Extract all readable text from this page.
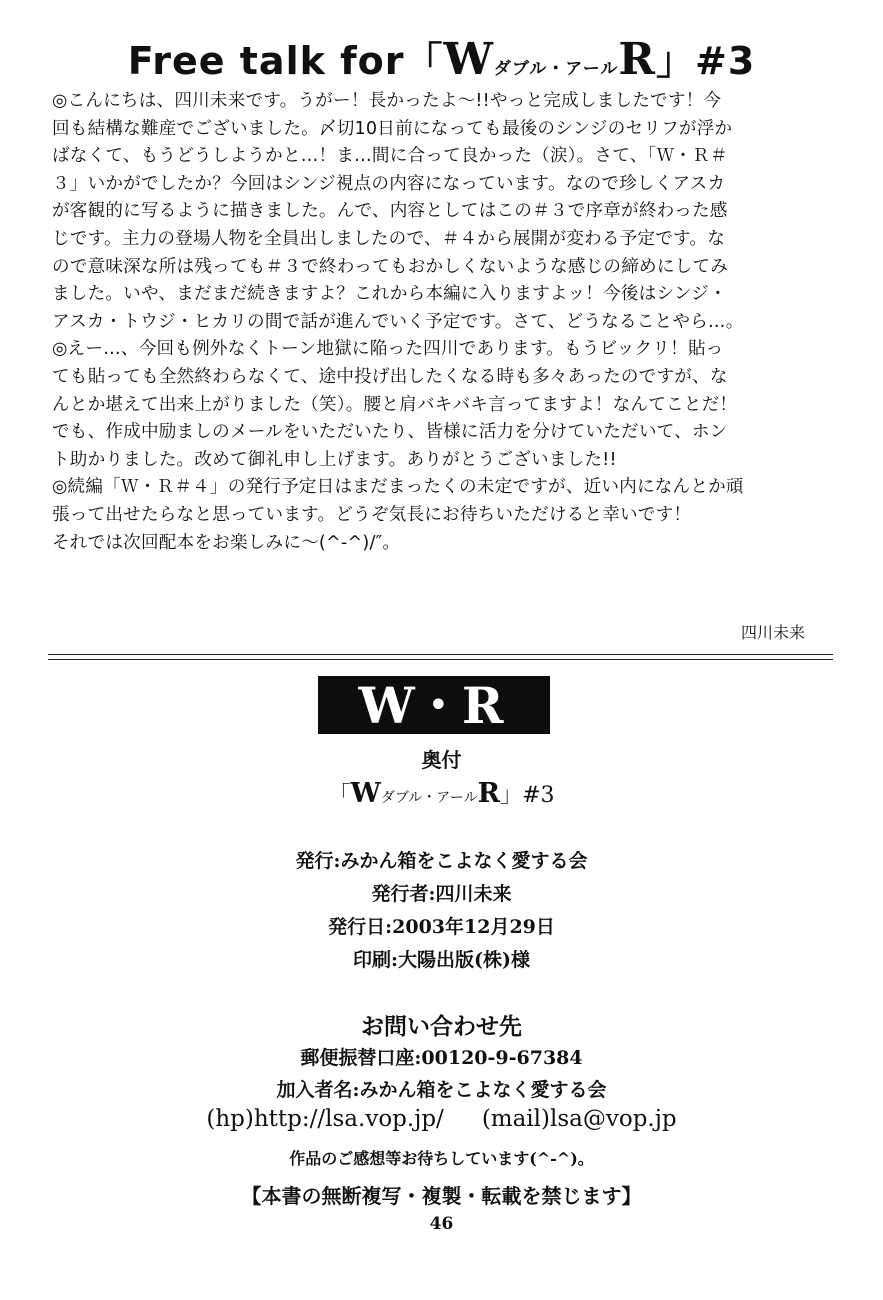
Free talk for「Wダブル・アールR」#3

◎こんにちは、四川未来です。うがー！長かったよ～!!やっと完成しましたです！今

回も結構な難産でございました。〆切10日前になっても最後のシンジのセリフが浮か

ばなくて、もうどうしようかと…！ま…間に合って良かった（涙）。さて、「Ｗ・Ｒ＃

３」いかがでしたか？今回はシンジ視点の内容になっています。なので珍しくアスカ

が客観的に写るように描きました。んで、内容としてはこの＃３で序章が終わった感

じです。主力の登場人物を全員出しましたので、＃４から展開が変わる予定です。な

ので意味深な所は残っても＃３で終わってもおかしくないような感じの締めにしてみ

ました。いや、まだまだ続きますよ？これから本編に入りますよッ！今後はシンジ・

アスカ・トウジ・ヒカリの間で話が進んでいく予定です。さて、どうなることやら…。

◎えー…、今回も例外なくトーン地獄に陥った四川であります。もうビックリ！貼っ

ても貼っても全然終わらなくて、途中投げ出したくなる時も多々あったのですが、な

んとか堪えて出来上がりました（笑）。腰と肩バキバキ言ってますよ！なんてことだ！

でも、作成中励ましのメールをいただいたり、皆様に活力を分けていただいて、ホン

ト助かりました。改めて御礼申し上げます。ありがとうございました!!

◎続編「Ｗ・Ｒ＃４」の発行予定日はまだまったくの未定ですが、近い内になんとか頑

張って出せたらなと思っています。どうぞ気長にお待ちいただけると幸いです！

それでは次回配本をお楽しみに～(^-^)/″。

四川未来
W • R
奥付
「Wダブル・アールR」#3
発行:みかん箱をこよなく愛する会
発行者:四川未来
発行日:2003年12月29日
印刷:大陽出版(株)様
お問い合わせ先
郵便振替口座:00120-9-67384
加入者名:みかん箱をこよなく愛する会
(hp)http://lsa.vop.jp/ (mail)lsa@vop.jp
作品のご感想等お待ちしています(^-^)。
【本書の無断複写・複製・転載を禁じます】
46
